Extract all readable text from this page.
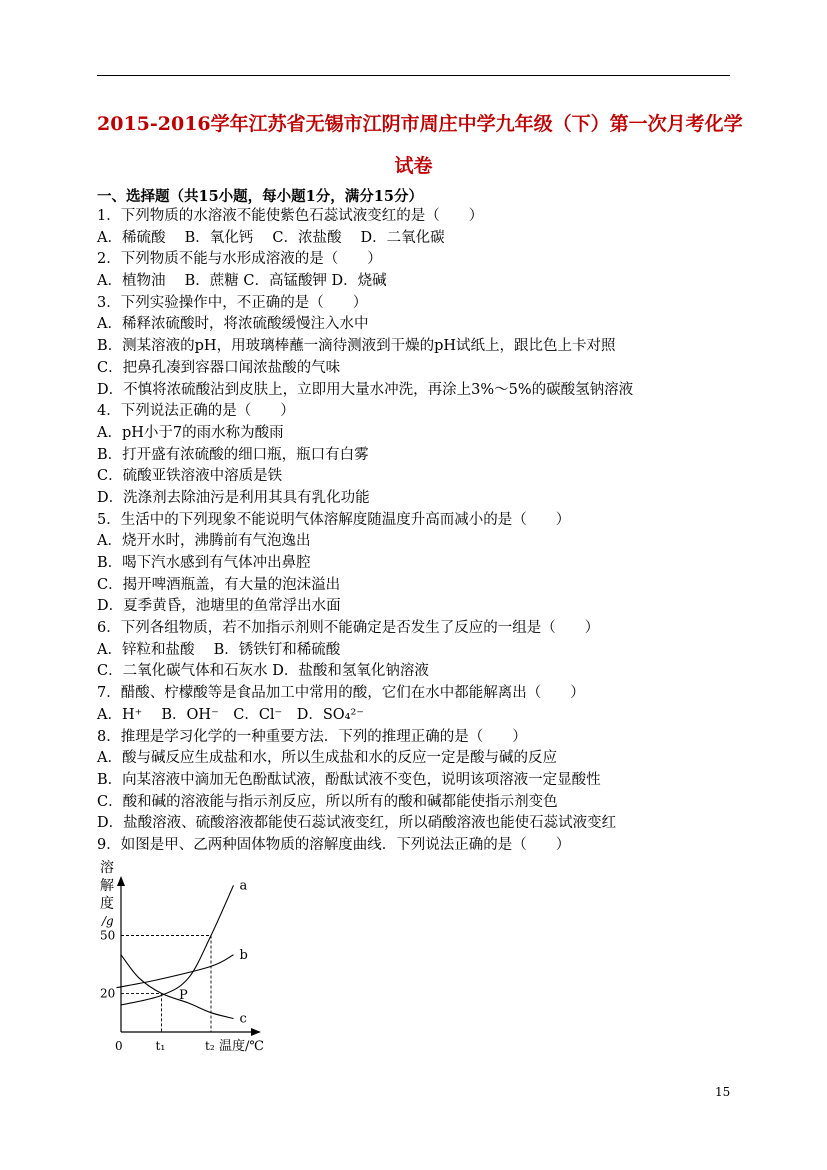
2015-2016学年江苏省无锡市江阴市周庄中学九年级（下）第一次月考化学
试卷
一、选择题（共15小题，每小题1分，满分15分）
1．下列物质的水溶液不能使紫色石蕊试液变红的是（　　）
A．稀硫酸　 B．氧化钙　 C．浓盐酸　 D．二氧化碳
2．下列物质不能与水形成溶液的是（　　）
A．植物油　 B．蔗糖 C．高锰酸钾 D．烧碱
3．下列实验操作中，不正确的是（　　）
A．稀释浓硫酸时，将浓硫酸缓慢注入水中
B．测某溶液的pH，用玻璃棒蘸一滴待测液到干燥的pH试纸上，跟比色上卡对照
C．把鼻孔凑到容器口闻浓盐酸的气味
D．不慎将浓硫酸沾到皮肤上，立即用大量水冲洗，再涂上3%～5%的碳酸氢钠溶液
4．下列说法正确的是（　　）
A．pH小于7的雨水称为酸雨
B．打开盛有浓硫酸的细口瓶，瓶口有白雾
C．硫酸亚铁溶液中溶质是铁
D．洗涤剂去除油污是利用其具有乳化功能
5．生活中的下列现象不能说明气体溶解度随温度升高而减小的是（　　）
A．烧开水时，沸腾前有气泡逸出
B．喝下汽水感到有气体冲出鼻腔
C．揭开啤酒瓶盖，有大量的泡沫溢出
D．夏季黄昏，池塘里的鱼常浮出水面
6．下列各组物质，若不加指示剂则不能确定是否发生了反应的一组是（　　）
A．锌粒和盐酸　 B．锈铁钉和稀硫酸
C．二氧化碳气体和石灰水 D．盐酸和氢氧化钠溶液
7．醋酸、柠檬酸等是食品加工中常用的酸，它们在水中都能解离出（　　）
A．H⁺　 B．OH⁻　C．Cl⁻　D．SO₄²⁻
8．推理是学习化学的一种重要方法．下列的推理正确的是（　　）
A．酸与碱反应生成盐和水，所以生成盐和水的反应一定是酸与碱的反应
B．向某溶液中滴加无色酚酞试液，酚酞试液不变色，说明该项溶液一定显酸性
C．酸和碱的溶液能与指示剂反应，所以所有的酸和碱都能使指示剂变色
D．盐酸溶液、硫酸溶液都能使石蕊试液变红，所以硝酸溶液也能使石蕊试液变红
9．如图是甲、乙两种固体物质的溶解度曲线．下列说法正确的是（　　）
溶
解
度
/g
0	温度/℃
P
20
50
t₁	t₂
a
b
c
15
